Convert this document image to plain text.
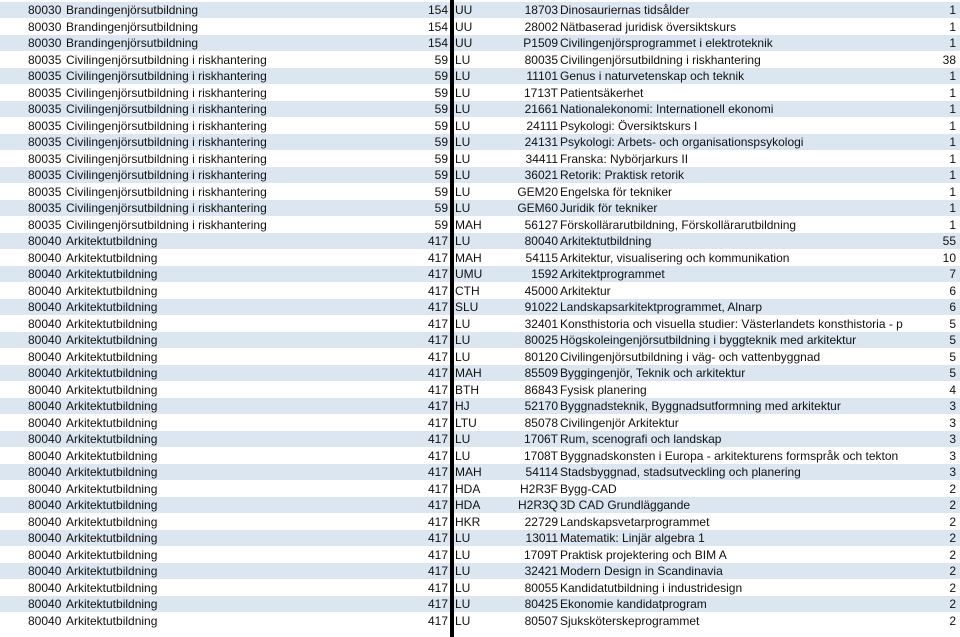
80030 Brandingenjörsutbildning	154 UU	18703 Dinosauriernas tidsålder	1
80030 Brandingenjörsutbildning	154 UU	28002 Nätbaserad juridisk översiktskurs	1
80030 Brandingenjörsutbildning	154 UU	P1509 Civilingenjörsprogrammet i elektroteknik	1
80035 Civilingenjörsutbildning i riskhantering	59 LU	80035 Civilingenjörsutbildning i riskhantering	38
80035 Civilingenjörsutbildning i riskhantering	59 LU	11101 Genus i naturvetenskap och teknik	1
80035 Civilingenjörsutbildning i riskhantering	59 LU	1713T Patientsäkerhet	1
80035 Civilingenjörsutbildning i riskhantering	59 LU	21661 Nationalekonomi: Internationell ekonomi	1
80035 Civilingenjörsutbildning i riskhantering	59 LU	24111 Psykologi: Översiktskurs I	1
80035 Civilingenjörsutbildning i riskhantering	59 LU	24131 Psykologi: Arbets- och organisationspsykologi	1
80035 Civilingenjörsutbildning i riskhantering	59 LU	34411 Franska: Nybörjarkurs II	1
80035 Civilingenjörsutbildning i riskhantering	59 LU	36021 Retorik: Praktisk retorik	1
80035 Civilingenjörsutbildning i riskhantering	59 LU	GEM20 Engelska för tekniker	1
80035 Civilingenjörsutbildning i riskhantering	59 LU	GEM60 Juridik för tekniker	1
80035 Civilingenjörsutbildning i riskhantering	59 MAH	56127 Förskollärarutbildning, Förskollärarutbildning	1
80040 Arkitektutbildning	417 LU	80040 Arkitektutbildning	55
80040 Arkitektutbildning	417 MAH	54115 Arkitektur, visualisering och kommunikation	10
80040 Arkitektutbildning	417 UMU	1592 Arkitektprogrammet	7
80040 Arkitektutbildning	417 CTH	45000 Arkitektur	6
80040 Arkitektutbildning	417 SLU	91022 Landskapsarkitektprogrammet, Alnarp	6
80040 Arkitektutbildning	417 LU	32401 Konsthistoria och visuella studier: Västerlandets konsthistoria - p	5
80040 Arkitektutbildning	417 LU	80025 Högskoleingenjörsutbildning i byggteknik med arkitektur	5
80040 Arkitektutbildning	417 LU	80120 Civilingenjörsutbildning i väg- och vattenbyggnad	5
80040 Arkitektutbildning	417 MAH	85509 Byggingenjör, Teknik och arkitektur	5
80040 Arkitektutbildning	417 BTH	86843 Fysisk planering	4
80040 Arkitektutbildning	417 HJ	52170 Byggnadsteknik, Byggnadsutformning med arkitektur	3
80040 Arkitektutbildning	417 LTU	85078 Civilingenjör Arkitektur	3
80040 Arkitektutbildning	417 LU	1706T Rum, scenografi och landskap	3
80040 Arkitektutbildning	417 LU	1708T Byggnadskonsten i Europa - arkitekturens formspråk och tekton	3
80040 Arkitektutbildning	417 MAH	54114 Stadsbyggnad, stadsutveckling och planering	3
80040 Arkitektutbildning	417 HDA	H2R3F Bygg-CAD	2
80040 Arkitektutbildning	417 HDA	H2R3Q 3D CAD Grundläggande	2
80040 Arkitektutbildning	417 HKR	22729 Landskapsvetarprogrammet	2
80040 Arkitektutbildning	417 LU	13011 Matematik: Linjär algebra 1	2
80040 Arkitektutbildning	417 LU	1709T Praktisk projektering och BIM A	2
80040 Arkitektutbildning	417 LU	32421 Modern Design in Scandinavia	2
80040 Arkitektutbildning	417 LU	80055 Kandidatutbildning i industridesign	2
80040 Arkitektutbildning	417 LU	80425 Ekonomie kandidatprogram	2
80040 Arkitektutbildning	417 LU	80507 Sjuksköterskeprogrammet	2
